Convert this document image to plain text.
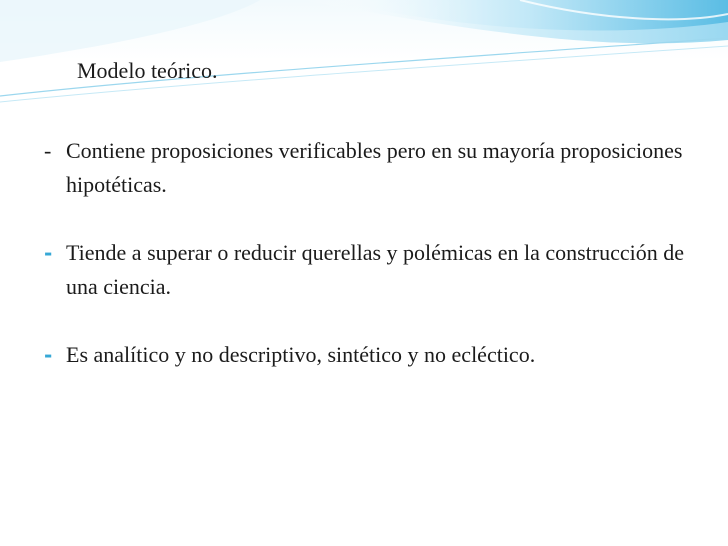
Modelo teórico.
- Contiene proposiciones verificables pero en su mayoría proposiciones hipotéticas.
- Tiende a superar o reducir querellas y polémicas en la construcción de una ciencia.
- Es analítico y no descriptivo, sintético y no ecléctico.
